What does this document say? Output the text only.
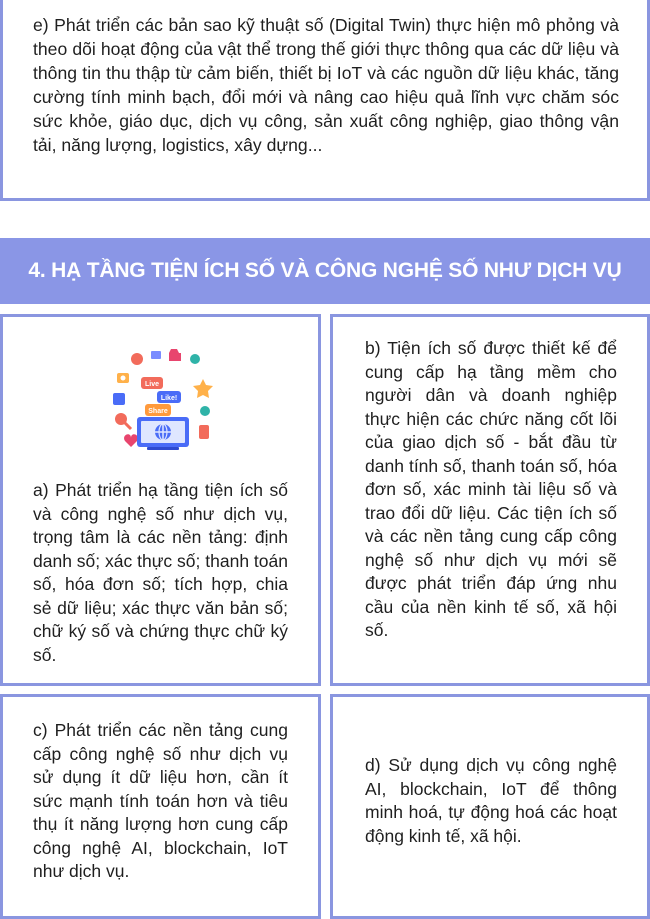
e) Phát triển các bản sao kỹ thuật số (Digital Twin) thực hiện mô phỏng và theo dõi hoạt động của vật thể trong thế giới thực thông qua các dữ liệu và thông tin thu thập từ cảm biến, thiết bị IoT và các nguồn dữ liệu khác, tăng cường tính minh bạch, đổi mới và nâng cao hiệu quả lĩnh vực chăm sóc sức khỏe, giáo dục, dịch vụ công, sản xuất công nghiệp, giao thông vận tải, năng lượng, logistics, xây dựng...

4. HẠ TẦNG TIỆN ÍCH SỐ VÀ CÔNG NGHỆ SỐ NHƯ DỊCH VỤ
Live
Like!
Share

a) Phát triển hạ tầng tiện ích số và công nghệ số như dịch vụ, trọng tâm là các nền tảng: định danh số; xác thực số; thanh toán số, hóa đơn số; tích hợp, chia sẻ dữ liệu; xác thực văn bản số; chữ ký số và chứng thực chữ ký số.

b) Tiện ích số được thiết kế để cung cấp hạ tầng mềm cho người dân và doanh nghiệp thực hiện các chức năng cốt lõi của giao dịch số - bắt đầu từ danh tính số, thanh toán số, hóa đơn số, xác minh tài liệu số và trao đổi dữ liệu. Các tiện ích số và các nền tảng cung cấp công nghệ số như dịch vụ mới sẽ được phát triển đáp ứng nhu cầu của nền kinh tế số, xã hội số.

c) Phát triển các nền tảng cung cấp công nghệ số như dịch vụ sử dụng ít dữ liệu hơn, cần ít sức mạnh tính toán hơn và tiêu thụ ít năng lượng hơn cung cấp công nghệ AI, blockchain, IoT như dịch vụ.

d) Sử dụng dịch vụ công nghệ AI, blockchain, IoT để thông minh hoá, tự động hoá các hoạt động kinh tế, xã hội.
